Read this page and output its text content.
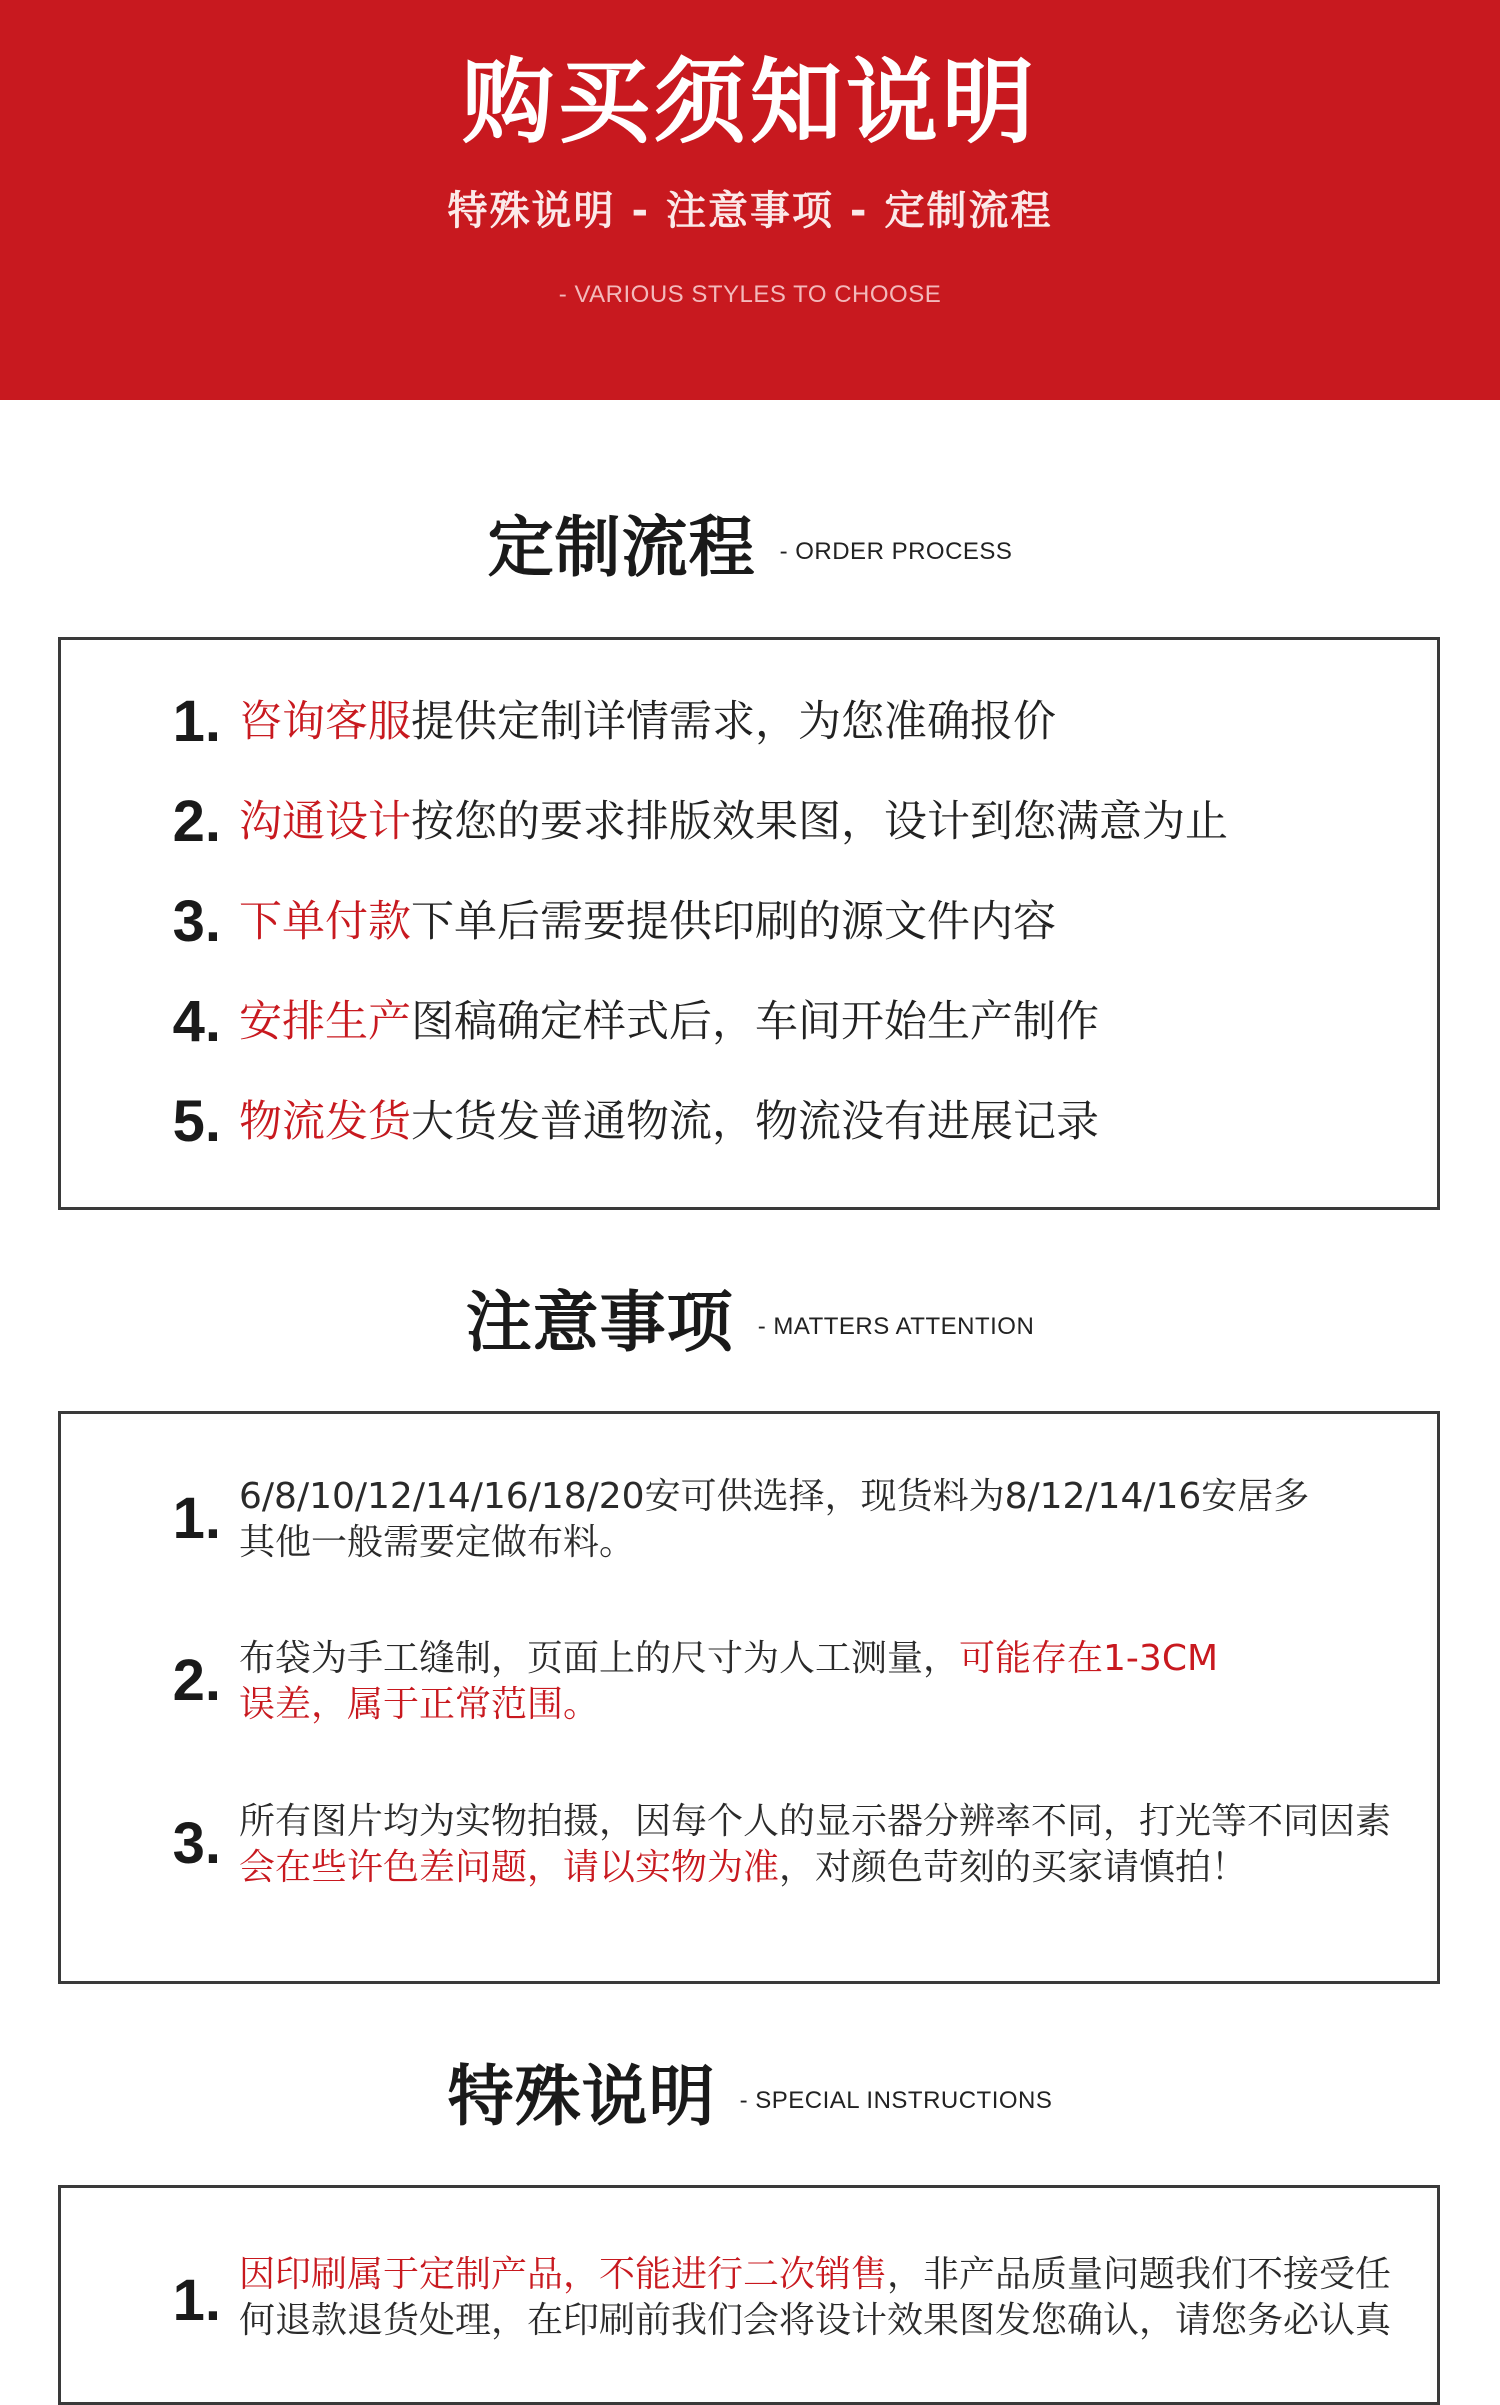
购买须知说明
特殊说明 - 注意事项 - 定制流程
- VARIOUS STYLES TO CHOOSE
定制流程 - ORDER PROCESS
1. 咨询客服提供定制详情需求，为您准确报价
2. 沟通设计按您的要求排版效果图，设计到您满意为止
3. 下单付款下单后需要提供印刷的源文件内容
4. 安排生产图稿确定样式后，车间开始生产制作
5. 物流发货大货发普通物流，物流没有进展记录
注意事项 - MATTERS ATTENTION
1. 6/8/10/12/14/16/18/20安可供选择，现货料为8/12/14/16安居多
其他一般需要定做布料。
2. 布袋为手工缝制，页面上的尺寸为人工测量，可能存在1-3CM
误差，属于正常范围。
3. 所有图片均为实物拍摄，因每个人的显示器分辨率不同，打光等不同因素
会在些许色差问题，请以实物为准，对颜色苛刻的买家请慎拍！
特殊说明 - SPECIAL INSTRUCTIONS
1. 因印刷属于定制产品，不能进行二次销售，非产品质量问题我们不接受任
何退款退货处理，在印刷前我们会将设计效果图发您确认，请您务必认真
